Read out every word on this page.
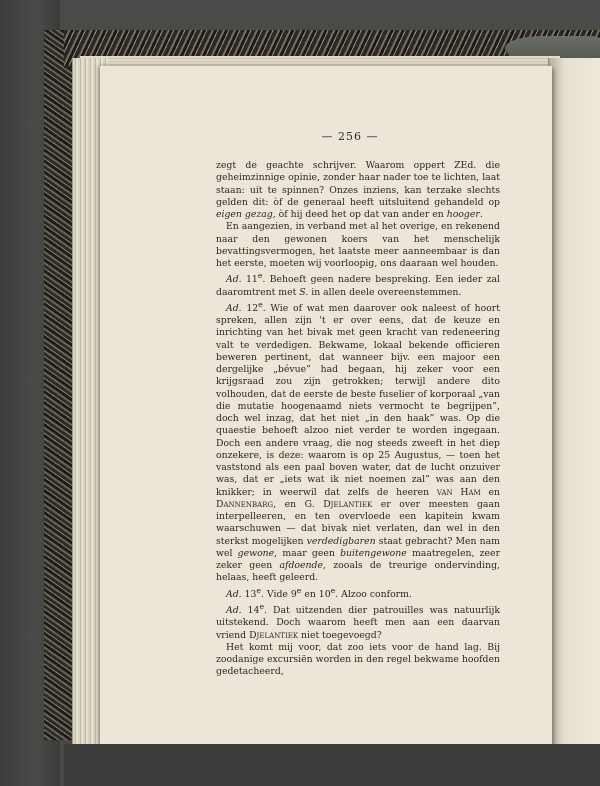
— 256 —

zegt de geachte schrijver. Waarom oppert ZEd. die geheimzinnige opinie, zonder haar nader toe te lichten, laat staan: uit te spinnen? Onzes inziens, kan terzake slechts gelden dit: òf de generaal heeft uitsluitend gehandeld op eigen gezag, òf hij deed het op dat van ander en hooger.

En aangezien, in verband met al het overige, en rekenend naar den gewonen koers van het menschelijk bevattingsvermogen, het laatste meer aanneembaar is dan het eerste, moeten wij voorloopig, ons daaraan wel houden.

Ad. 11e. Behoeft geen nadere bespreking. Een ieder zal daaromtrent met S. in allen deele overeenstemmen.

Ad. 12e. Wie of wat men daarover ook naleest of hoort spreken, allen zijn 't er over eens, dat de keuze en inrichting van het bivak met geen kracht van redeneering valt te verdedigen. Bekwame, lokaal bekende officieren beweren pertinent, dat wanneer bijv. een majoor een dergelijke „bévue” had begaan, hij zeker voor een krijgsraad zou zijn getrokken; terwijl andere dito volhouden, dat de eerste de beste fuselier of korporaal „van die mutatie hoogenaamd niets vermocht te begrijpen”, doch wel inzag, dat het niet „in den haak” was. Op die quaestie behoeft alzoo niet verder te worden ingegaan. Doch een andere vraag, die nog steeds zweeft in het diep onzekere, is deze: waarom is op 25 Augustus, — toen het vaststond als een paal boven water, dat de lucht onzuiver was, dat er „iets wat ik niet noemen zal” was aan den knikker; in weerwil dat zelfs de heeren van Ham en Dannenbarg, en G. Djelantiek er over meesten gaan interpelleeren, en ten overvloede een kapitein kwam waarschuwen — dat bivak niet verlaten, dan wel in den sterkst mogelijken verdedigbaren staat gebracht? Men nam wel gewone, maar geen buitengewone maatregelen, zeer zeker geen afdoende, zooals de treurige ondervinding, helaas, heeft geleerd.

Ad. 13e. Vide 9e en 10e. Alzoo conform.

Ad. 14e. Dat uitzenden dier patrouilles was natuurlijk uitstekend. Doch waarom heeft men aan een daarvan vriend Djelantiek niet toegevoegd?

Het komt mij voor, dat zoo iets voor de hand lag. Bij zoodanige excursiën worden in den regel bekwame hoofden gedetacheerd,
